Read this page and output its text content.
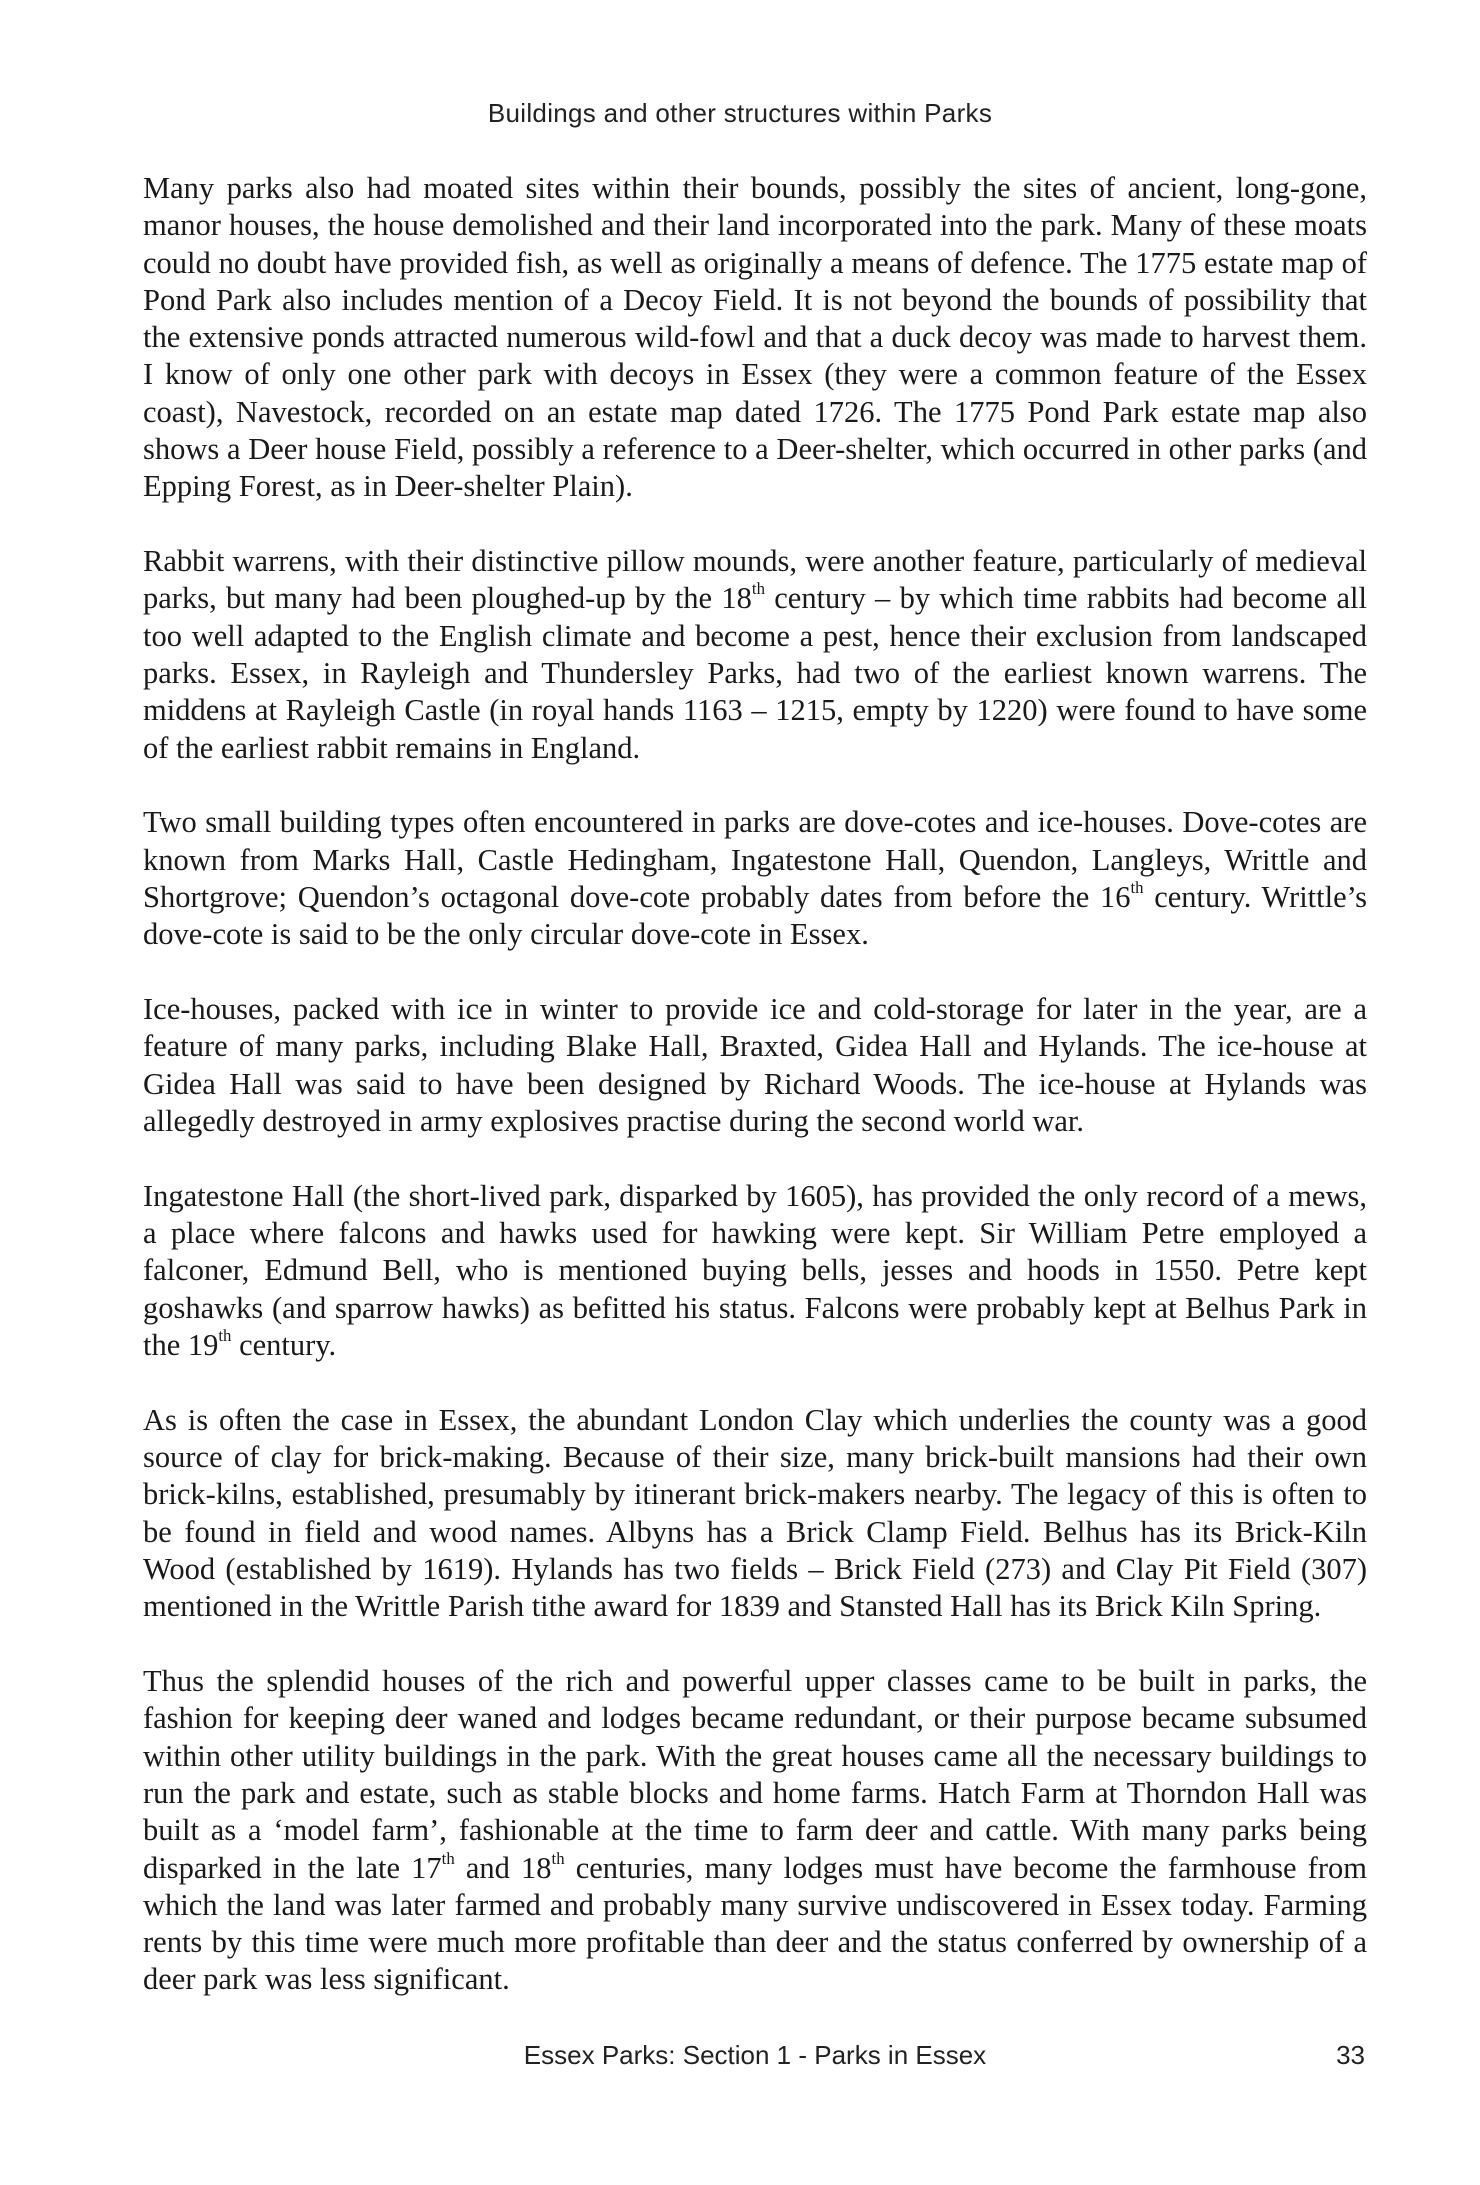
Buildings and other structures within Parks

Many parks also had moated sites within their bounds, possibly the sites of ancient, long-gone, manor houses, the house demolished and their land incorporated into the park. Many of these moats could no doubt have provided fish, as well as originally a means of defence. The 1775 estate map of Pond Park also includes mention of a Decoy Field. It is not beyond the bounds of possibility that the extensive ponds attracted numerous wild-fowl and that a duck decoy was made to harvest them. I know of only one other park with decoys in Essex (they were a common feature of the Essex coast), Navestock, recorded on an estate map dated 1726. The 1775 Pond Park estate map also shows a Deer house Field, possibly a reference to a Deer-shelter, which occurred in other parks (and Epping Forest, as in Deer-shelter Plain).

Rabbit warrens, with their distinctive pillow mounds, were another feature, particularly of medieval parks, but many had been ploughed-up by the 18th century – by which time rabbits had become all too well adapted to the English climate and become a pest, hence their exclusion from landscaped parks. Essex, in Rayleigh and Thundersley Parks, had two of the earliest known warrens. The middens at Rayleigh Castle (in royal hands 1163 – 1215, empty by 1220) were found to have some of the earliest rabbit remains in England.

Two small building types often encountered in parks are dove-cotes and ice-houses. Dove-cotes are known from Marks Hall, Castle Hedingham, Ingatestone Hall, Quendon, Langleys, Writtle and Shortgrove; Quendon’s octagonal dove-cote probably dates from before the 16th century. Writtle’s dove-cote is said to be the only circular dove-cote in Essex.

Ice-houses, packed with ice in winter to provide ice and cold-storage for later in the year, are a feature of many parks, including Blake Hall, Braxted, Gidea Hall and Hylands. The ice-house at Gidea Hall was said to have been designed by Richard Woods. The ice-house at Hylands was allegedly destroyed in army explosives practise during the second world war.

Ingatestone Hall (the short-lived park, disparked by 1605), has provided the only record of a mews, a place where falcons and hawks used for hawking were kept. Sir William Petre employed a falconer, Edmund Bell, who is mentioned buying bells, jesses and hoods in 1550. Petre kept goshawks (and sparrow hawks) as befitted his status. Falcons were probably kept at Belhus Park in the 19th century.

As is often the case in Essex, the abundant London Clay which underlies the county was a good source of clay for brick-making. Because of their size, many brick-built mansions had their own brick-kilns, established, presumably by itinerant brick-makers nearby. The legacy of this is often to be found in field and wood names. Albyns has a Brick Clamp Field. Belhus has its Brick-Kiln Wood (established by 1619). Hylands has two fields – Brick Field (273) and Clay Pit Field (307) mentioned in the Writtle Parish tithe award for 1839 and Stansted Hall has its Brick Kiln Spring.

Thus the splendid houses of the rich and powerful upper classes came to be built in parks, the fashion for keeping deer waned and lodges became redundant, or their purpose became subsumed within other utility buildings in the park. With the great houses came all the necessary buildings to run the park and estate, such as stable blocks and home farms. Hatch Farm at Thorndon Hall was built as a ‘model farm’, fashionable at the time to farm deer and cattle. With many parks being disparked in the late 17th and 18th centuries, many lodges must have become the farmhouse from which the land was later farmed and probably many survive undiscovered in Essex today. Farming rents by this time were much more profitable than deer and the status conferred by ownership of a deer park was less significant.

Essex Parks: Section 1 - Parks in Essex	33
